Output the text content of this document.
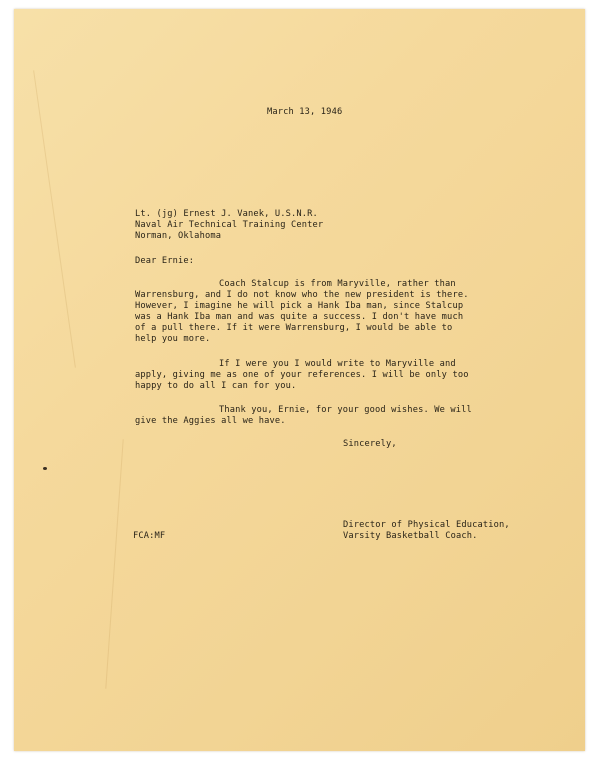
March 13, 1946
Lt. (jg) Ernest J. Vanek, U.S.N.R.
Naval Air Technical Training Center
Norman, Oklahoma
Dear Ernie:
Coach Stalcup is from Maryville, rather than
Warrensburg, and I do not know who the new president is there.
However, I imagine he will pick a Hank Iba man, since Stalcup
was a Hank Iba man and was quite a success. I don't have much
of a pull there. If it were Warrensburg, I would be able to
help you more.
If I were you I would write to Maryville and
apply, giving me as one of your references. I will be only too
happy to do all I can for you.
Thank you, Ernie, for your good wishes. We will
give the Aggies all we have.
Sincerely,
Director of Physical Education,
Varsity Basketball Coach.
FCA:MF
